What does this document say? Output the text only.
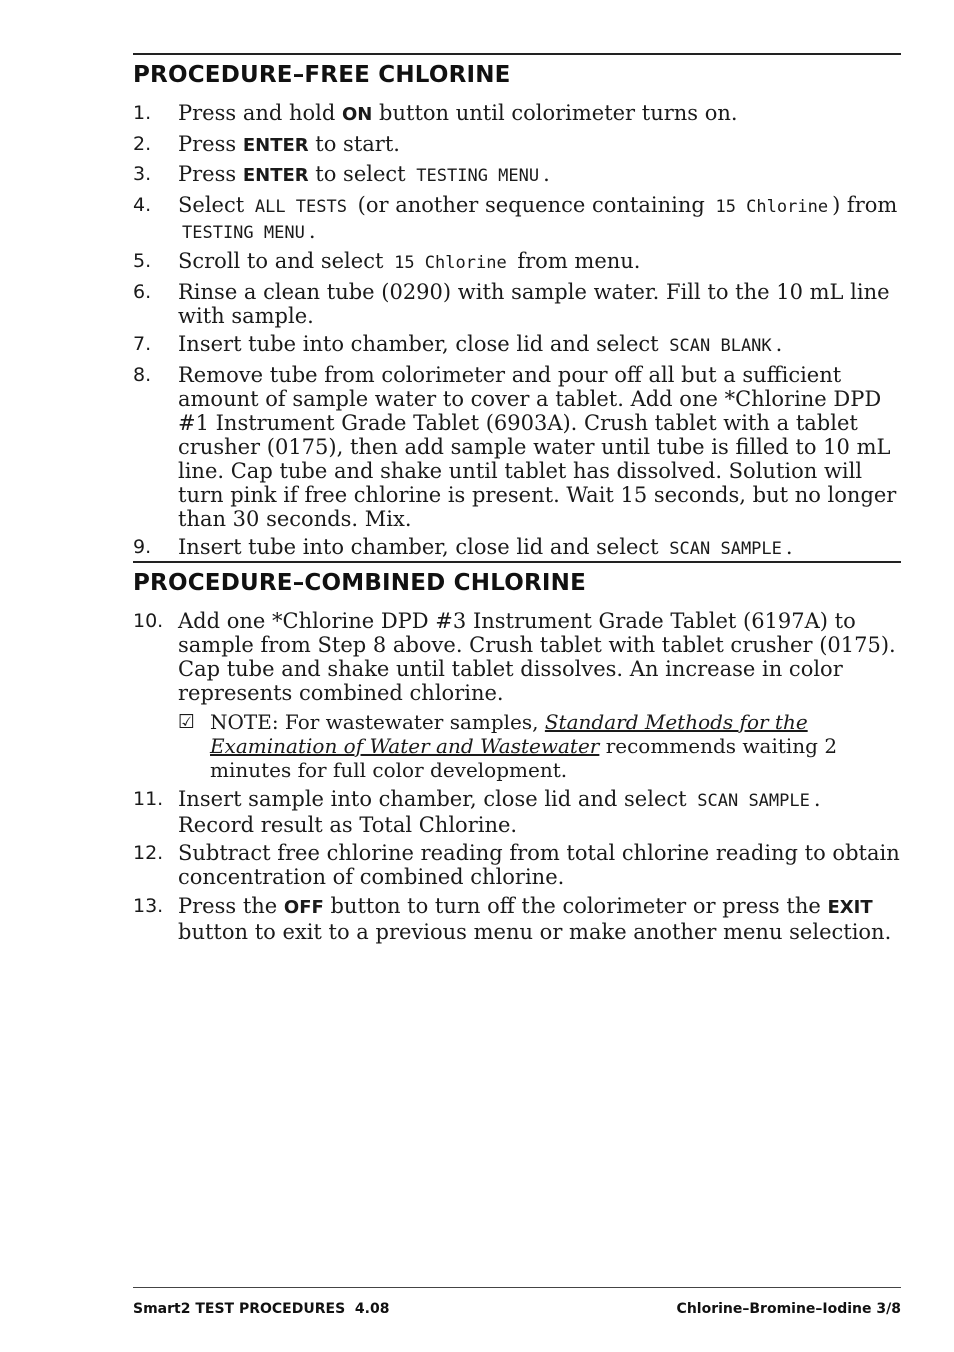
PROCEDURE–FREE CHLORINE
1.	Press and hold ON button until colorimeter turns on.
2.	Press ENTER to start.
3.	Press ENTER to select TESTING MENU .
4.	Select ALL TESTS (or another sequence containing 15 Chlorine ) from TESTING MENU .
5.	Scroll to and select 15 Chlorine from menu.
6.	Rinse a clean tube (0290) with sample water. Fill to the 10 mL line with sample.
7.	Insert tube into chamber, close lid and select SCAN BLANK .
8.	Remove tube from colorimeter and pour off all but a sufficient amount of sample water to cover a tablet. Add one *Chlorine DPD #1 Instrument Grade Tablet (6903A). Crush tablet with a tablet crusher (0175), then add sample water until tube is filled to 10 mL line. Cap tube and shake until tablet has dissolved. Solution will turn pink if free chlorine is present. Wait 15 seconds, but no longer than 30 seconds. Mix.
9.	Insert tube into chamber, close lid and select SCAN SAMPLE .
PROCEDURE–COMBINED CHLORINE
10. Add one *Chlorine DPD #3 Instrument Grade Tablet (6197A) to sample from Step 8 above. Crush tablet with tablet crusher (0175). Cap tube and shake until tablet dissolves. An increase in color represents combined chlorine.
☑ NOTE: For wastewater samples, Standard Methods for the Examination of Water and Wastewater recommends waiting 2 minutes for full color development.
11. Insert sample into chamber, close lid and select SCAN SAMPLE . Record result as Total Chlorine.
12. Subtract free chlorine reading from total chlorine reading to obtain concentration of combined chlorine.
13. Press the OFF button to turn off the colorimeter or press the EXIT button to exit to a previous menu or make another menu selection.
Smart2 TEST PROCEDURES  4.08	Chlorine–Bromine–Iodine 3/8
